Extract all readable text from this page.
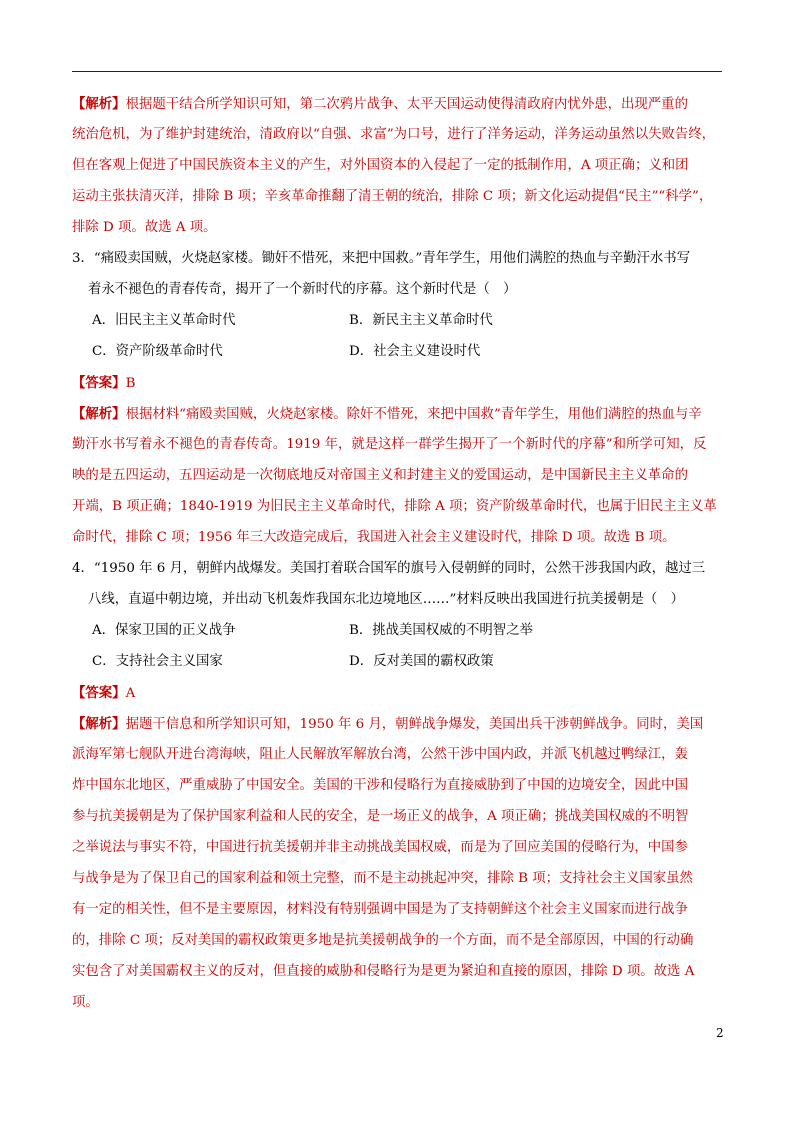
【解析】根据题干结合所学知识可知，第二次鸦片战争、太平天国运动使得清政府内忧外患，出现严重的
统治危机，为了维护封建统治，清政府以“自强、求富”为口号，进行了洋务运动，洋务运动虽然以失败告终，
但在客观上促进了中国民族资本主义的产生，对外国资本的入侵起了一定的抵制作用，A 项正确；义和团
运动主张扶清灭洋，排除 B 项；辛亥革命推翻了清王朝的统治，排除 C 项；新文化运动提倡“民主”“科学”，
排除 D 项。故选 A 项。
3．“痛殴卖国贼，火烧赵家楼。锄奸不惜死，来把中国救。”青年学生，用他们满腔的热血与辛勤汗水书写
着永不褪色的青春传奇，揭开了一个新时代的序幕。这个新时代是（　）
A．旧民主主义革命时代	B．新民主主义革命时代
C．资产阶级革命时代	D．社会主义建设时代
【答案】B
【解析】根据材料“痛殴卖国贼，火烧赵家楼。除奸不惜死，来把中国救”青年学生，用他们满腔的热血与辛
勤汗水书写着永不褪色的青春传奇。1919 年，就是这样一群学生揭开了一个新时代的序幕”和所学可知，反
映的是五四运动，五四运动是一次彻底地反对帝国主义和封建主义的爱国运动，是中国新民主主义革命的
开端，B 项正确；1840-1919 为旧民主主义革命时代，排除 A 项；资产阶级革命时代，也属于旧民主主义革
命时代，排除 C 项；1956 年三大改造完成后，我国进入社会主义建设时代，排除 D 项。故选 B 项。
4．“1950 年 6 月，朝鲜内战爆发。美国打着联合国军的旗号入侵朝鲜的同时，公然干涉我国内政，越过三
八线，直逼中朝边境，并出动飞机轰炸我国东北边境地区……”材料反映出我国进行抗美援朝是（　）
A．保家卫国的正义战争	B．挑战美国权威的不明智之举
C．支持社会主义国家	D．反对美国的霸权政策
【答案】A
【解析】据题干信息和所学知识可知，1950 年 6 月，朝鲜战争爆发，美国出兵干涉朝鲜战争。同时，美国
派海军第七舰队开进台湾海峡，阻止人民解放军解放台湾，公然干涉中国内政，并派飞机越过鸭绿江，轰
炸中国东北地区，严重威胁了中国安全。美国的干涉和侵略行为直接威胁到了中国的边境安全，因此中国
参与抗美援朝是为了保护国家利益和人民的安全，是一场正义的战争，A 项正确；挑战美国权威的不明智
之举说法与事实不符，中国进行抗美援朝并非主动挑战美国权威，而是为了回应美国的侵略行为，中国参
与战争是为了保卫自己的国家利益和领土完整，而不是主动挑起冲突，排除 B 项；支持社会主义国家虽然
有一定的相关性，但不是主要原因，材料没有特别强调中国是为了支持朝鲜这个社会主义国家而进行战争
的，排除 C 项；反对美国的霸权政策更多地是抗美援朝战争的一个方面，而不是全部原因，中国的行动确
实包含了对美国霸权主义的反对，但直接的威胁和侵略行为是更为紧迫和直接的原因，排除 D 项。故选 A
项。
2
